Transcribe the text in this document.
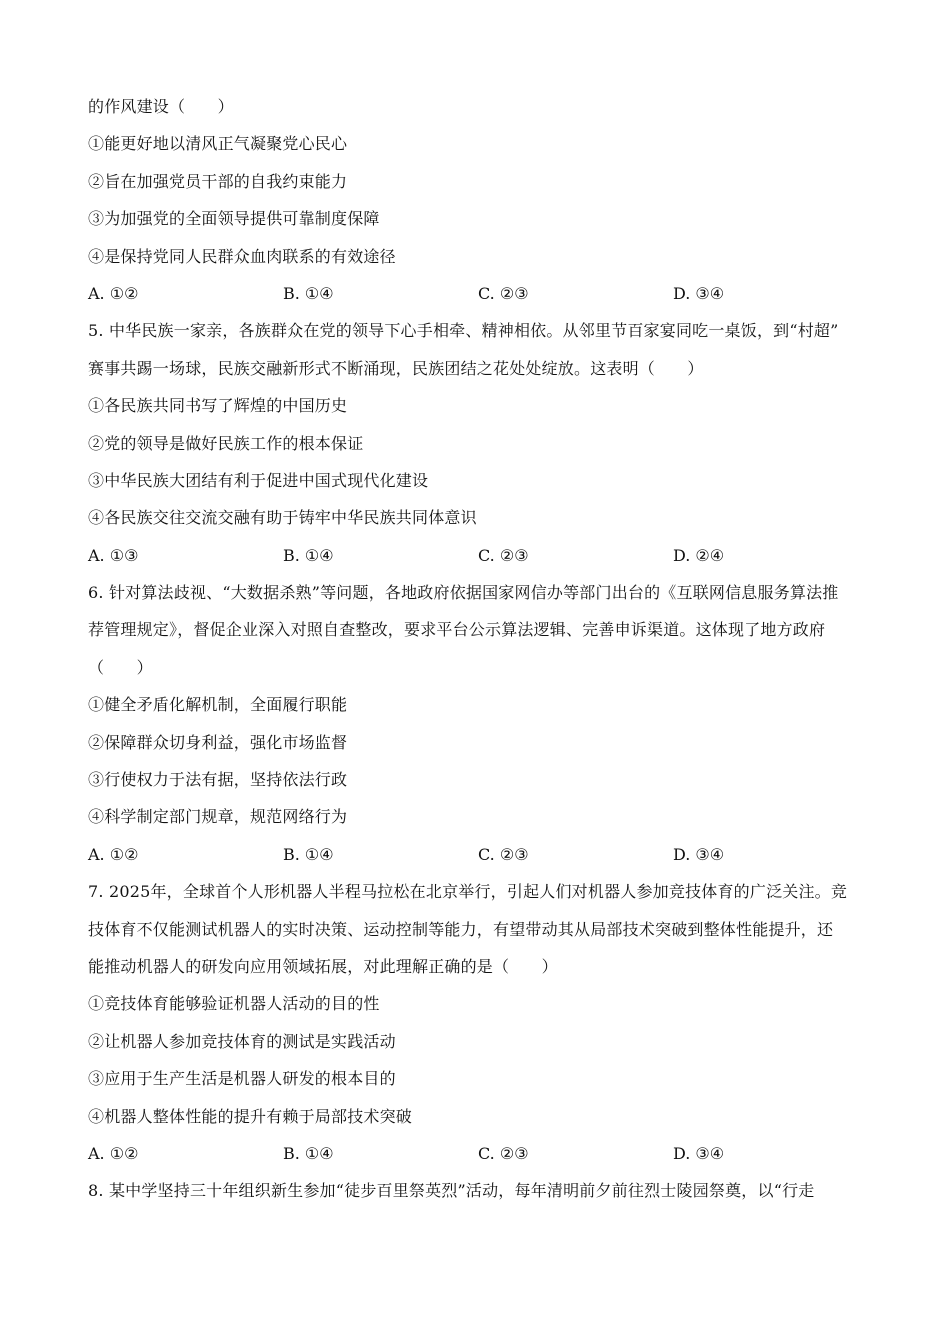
的作风建设（　　）
①能更好地以清风正气凝聚党心民心
②旨在加强党员干部的自我约束能力
③为加强党的全面领导提供可靠制度保障
④是保持党同人民群众血肉联系的有效途径
A. ①②	B. ①④	C. ②③	D. ③④
5. 中华民族一家亲，各族群众在党的领导下心手相牵、精神相依。从邻里节百家宴同吃一桌饭，到“村超”
赛事共踢一场球，民族交融新形式不断涌现，民族团结之花处处绽放。这表明（　　）
①各民族共同书写了辉煌的中国历史
②党的领导是做好民族工作的根本保证
③中华民族大团结有利于促进中国式现代化建设
④各民族交往交流交融有助于铸牢中华民族共同体意识
A. ①③	B. ①④	C. ②③	D. ②④
6. 针对算法歧视、“大数据杀熟”等问题，各地政府依据国家网信办等部门出台的《互联网信息服务算法推
荐管理规定》，督促企业深入对照自查整改，要求平台公示算法逻辑、完善申诉渠道。这体现了地方政府
（　　）
①健全矛盾化解机制，全面履行职能
②保障群众切身利益，强化市场监督
③行使权力于法有据，坚持依法行政
④科学制定部门规章，规范网络行为
A. ①②	B. ①④	C. ②③	D. ③④
7. 2025年，全球首个人形机器人半程马拉松在北京举行，引起人们对机器人参加竞技体育的广泛关注。竞
技体育不仅能测试机器人的实时决策、运动控制等能力，有望带动其从局部技术突破到整体性能提升，还
能推动机器人的研发向应用领域拓展，对此理解正确的是（　　）
①竞技体育能够验证机器人活动的目的性
②让机器人参加竞技体育的测试是实践活动
③应用于生产生活是机器人研发的根本目的
④机器人整体性能的提升有赖于局部技术突破
A. ①②	B. ①④	C. ②③	D. ③④
8. 某中学坚持三十年组织新生参加“徒步百里祭英烈”活动，每年清明前夕前往烈士陵园祭奠，以“行走
